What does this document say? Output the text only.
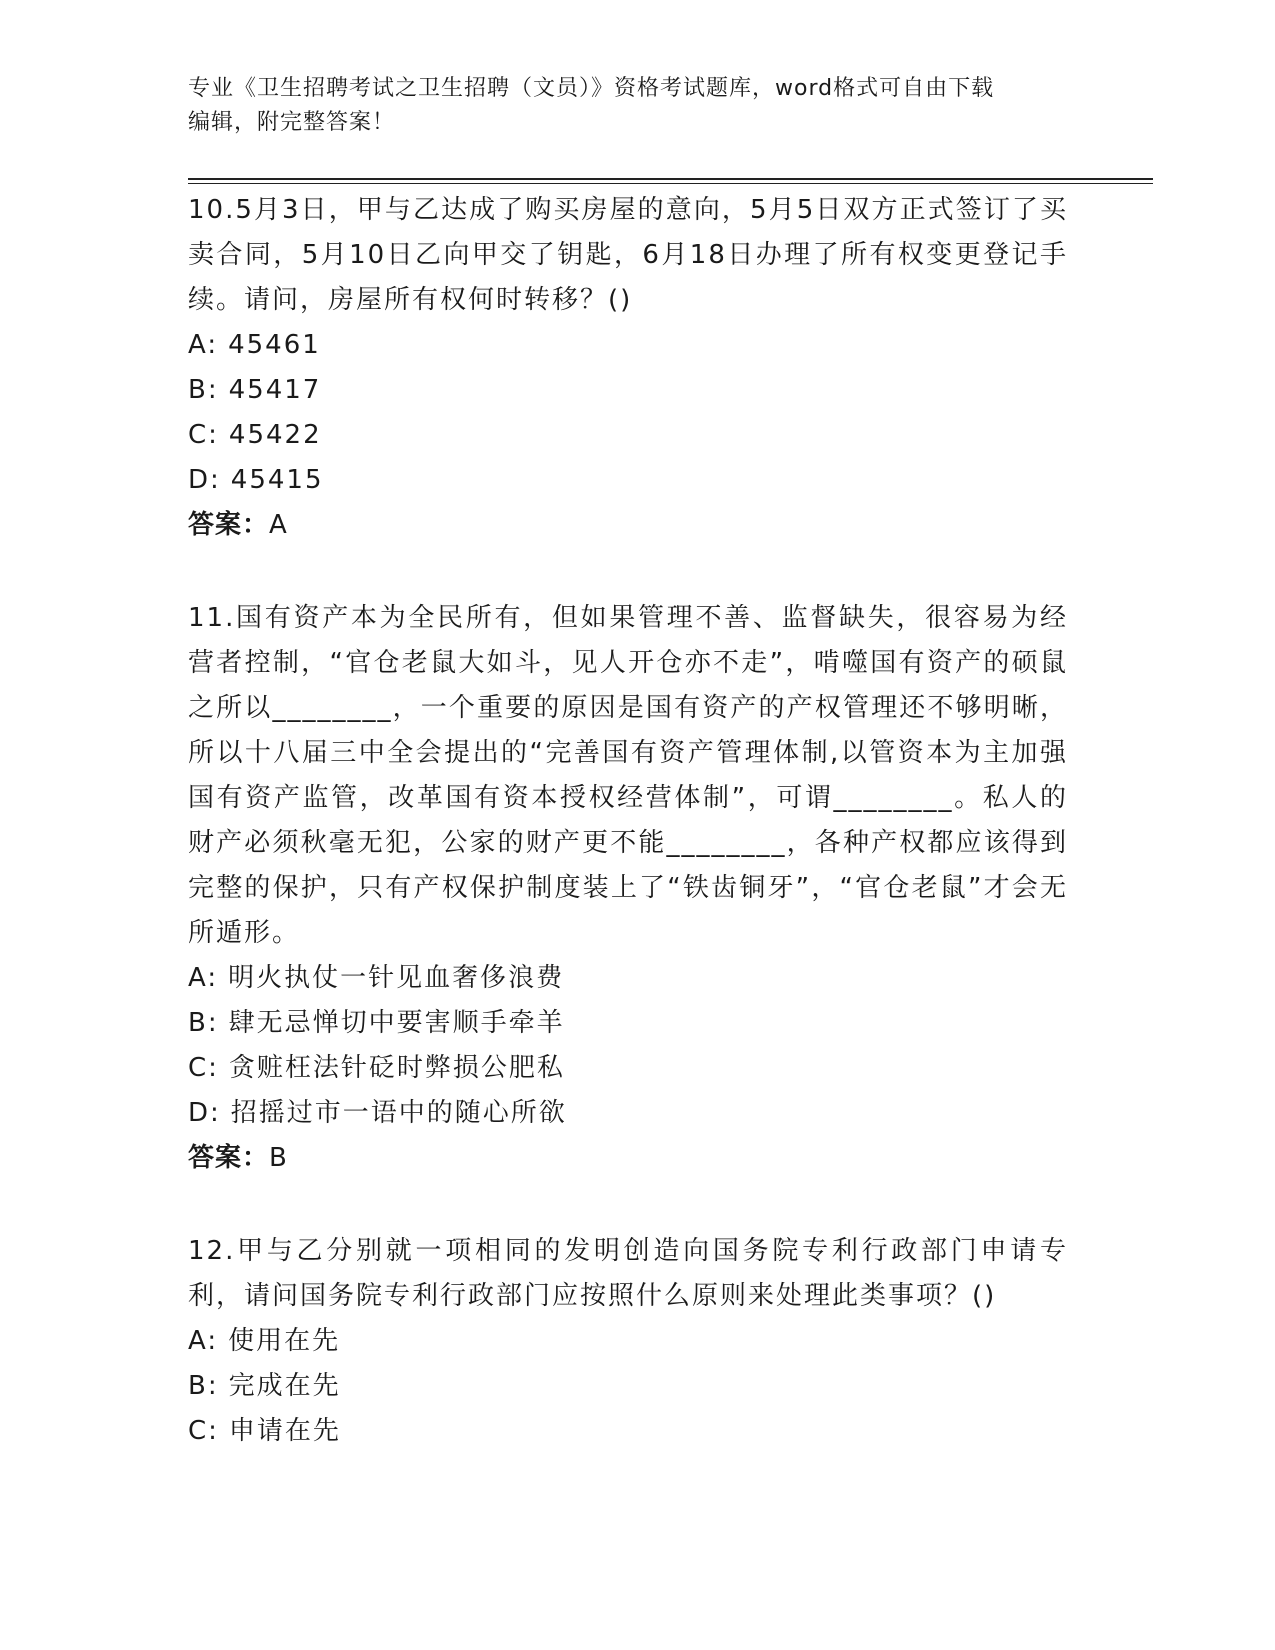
专业《卫生招聘考试之卫生招聘（文员）》资格考试题库，word格式可自由下载
编辑，附完整答案！

10.5月3日，甲与乙达成了购买房屋的意向，5月5日双方正式签订了买卖合同，5月10日乙向甲交了钥匙，6月18日办理了所有权变更登记手续。请问，房屋所有权何时转移？()

A: 45461

B: 45417

C: 45422

D: 45415

答案：A

11.国有资产本为全民所有，但如果管理不善、监督缺失，很容易为经营者控制，“官仓老鼠大如斗，见人开仓亦不走”，啃噬国有资产的硕鼠之所以________，一个重要的原因是国有资产的产权管理还不够明晰，所以十八届三中全会提出的“完善国有资产管理体制,以管资本为主加强国有资产监管，改革国有资本授权经营体制”，可谓________。私人的财产必须秋毫无犯，公家的财产更不能________，各种产权都应该得到完整的保护，只有产权保护制度装上了“铁齿铜牙”，“官仓老鼠”才会无所遁形。

A: 明火执仗一针见血奢侈浪费

B: 肆无忌惮切中要害顺手牵羊

C: 贪赃枉法针砭时弊损公肥私

D: 招摇过市一语中的随心所欲

答案：B

12.甲与乙分别就一项相同的发明创造向国务院专利行政部门申请专利，请问国务院专利行政部门应按照什么原则来处理此类事项？()

A: 使用在先

B: 完成在先

C: 申请在先
